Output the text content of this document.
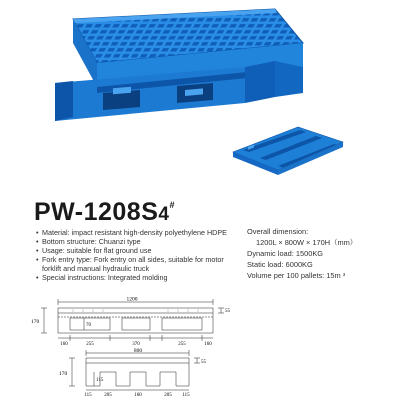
PW-1208S4#
• Material: impact resistant high-density polyethylene HDPE
• Bottom structure: Chuanzi type
• Usage: suitable for flat ground use
• Fork entry type: Fork entry on all sides, suitable for motor
forklift and manual hydraulic truck
• Special instructions: Integrated molding
Overall dimension:
1200L × 800W × 170H（mm）
Dynamic load: 1500KG
Static load: 6000KG
Volume per 100 pallets: 15m ³
1200
170
55
70
160	255	370	255	160
800
170
55
115
115	205	160	205 115
